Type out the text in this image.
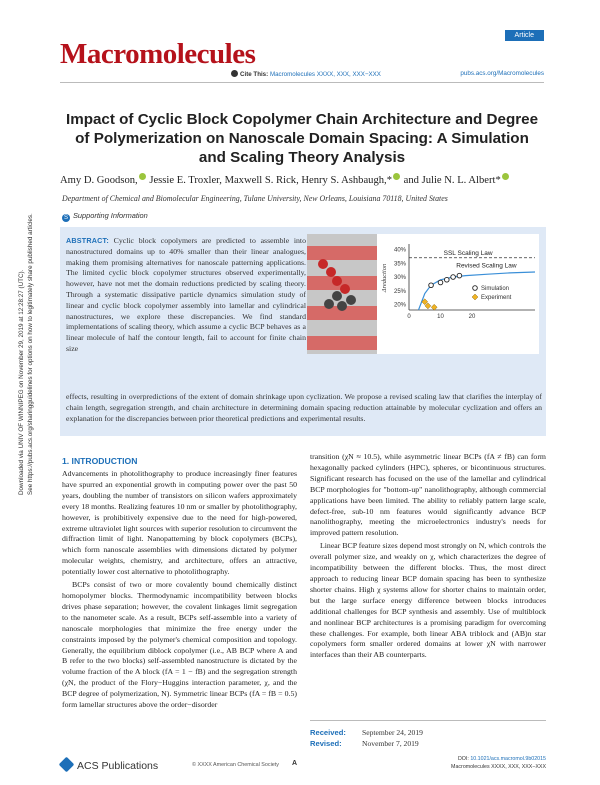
Downloaded via UNIV OF WINNIPEG on November 29, 2019 at 12:28:27 (UTC). See https://pubs.acs.org/sharingguidelines for options on how to legitimately share published articles.
Article
Macromolecules
Cite This: Macromolecules XXXX, XXX, XXX−XXX	pubs.acs.org/Macromolecules
Impact of Cyclic Block Copolymer Chain Architecture and Degree of Polymerization on Nanoscale Domain Spacing: A Simulation and Scaling Theory Analysis
Amy D. Goodson, Jessie E. Troxler, Maxwell S. Rick, Henry S. Ashbaugh,* and Julie N. L. Albert*
Department of Chemical and Biomolecular Engineering, Tulane University, New Orleans, Louisiana 70118, United States
S Supporting Information
ABSTRACT: Cyclic block copolymers are predicted to assemble into nanostructured domains up to 40% smaller than their linear analogues, making them promising alternatives for nanoscale patterning applications. The limited cyclic block copolymer structures observed experimentally, however, have not met the domain reductions predicted by scaling theory. Through a systematic dissipative particle dynamics simulation study of linear and cyclic block copolymer assembly into lamellar and cylindrical nanostructures, we explore these discrepancies. We find standard implementations of scaling theory, which assume a cyclic BCP behaves as a linear molecule of half the contour length, fail to account for finite chain size
effects, resulting in overpredictions of the extent of domain shrinkage upon cyclization. We propose a revised scaling law that clarifies the interplay of chain length, segregation strength, and chain architecture in determining domain spacing reduction attainable by molecular cyclization and offers an explanation for the discrepancies between prior theoretical predictions and experimental results.
40%
35%
30%
25%
20%
0	10	20
Δreduction
SSL Scaling Law
Revised Scaling Law
Simulation
Experiment
1. INTRODUCTION

Advancements in photolithography to produce increasingly finer features have spurred an exponential growth in computing power over the past 50 years, doubling the number of transistors on silicon wafers approximately every 18 months. Realizing features 10 nm or smaller by photolithography, however, is prohibitively expensive due to the need for high-powered, extreme ultraviolet light sources with superior resolution to circumvent the diffraction limit of light. Nanopatterning by block copolymers (BCPs), which form nanoscale assemblies with dimensions dictated by polymer molecular weights, chemistry, and architecture, offers an attractive, potentially lower cost alternative to photolithography.

BCPs consist of two or more covalently bound chemically distinct homopolymer blocks. Thermodynamic incompatibility between blocks drives phase separation; however, the covalent linkages limit segregation to the nanometer scale. As a result, BCPs self-assemble into a variety of nanoscale morphologies that minimize the free energy under the constraints imposed by the polymer's chemical composition and topology. Generally, the equilibrium diblock copolymer (i.e., AB BCP where A and B refer to the two blocks) self-assembled nanostructure is dictated by the volume fraction of the A block (fA = 1 − fB) and the segregation strength (χN, the product of the Flory−Huggins interaction parameter, χ, and the BCP degree of polymerization, N). Symmetric linear BCPs (fA = fB = 0.5) form lamellar structures above the order−disorder

transition (χN ≈ 10.5), while asymmetric linear BCPs (fA ≠ fB) can form hexagonally packed cylinders (HPC), spheres, or bicontinuous structures. Significant research has focused on the use of the lamellar and cylindrical BCP morphologies for "bottom-up" nanolithography, although commercial applications have been limited. The ability to reliably pattern large scale, defect-free, sub-10 nm features would significantly advance BCP nanolithography, meeting the microelectronics industry's needs for improved pattern resolution.

Linear BCP feature sizes depend most strongly on N, which controls the overall polymer size, and weakly on χ, which characterizes the degree of incompatibility between the different blocks. Thus, the most direct approach to reducing linear BCP domain spacing has been to synthesize shorter chains. High χ systems allow for shorter chains to maintain order, but the large surface energy difference between blocks introduces additional challenges for BCP synthesis and assembly. Use of multiblock and nonlinear BCP architectures is a promising paradigm for overcoming these challenges. For example, both linear ABA triblock and (AB)n star copolymers form smaller ordered domains at lower χN with narrower interfaces than their AB counterparts.

Received: September 24, 2019
Revised:	November 7, 2019
ACS Publications	© XXXX American Chemical Society A
DOI: 10.1021/acs.macromol.9b02015
Macromolecules XXXX, XXX, XXX−XXX
